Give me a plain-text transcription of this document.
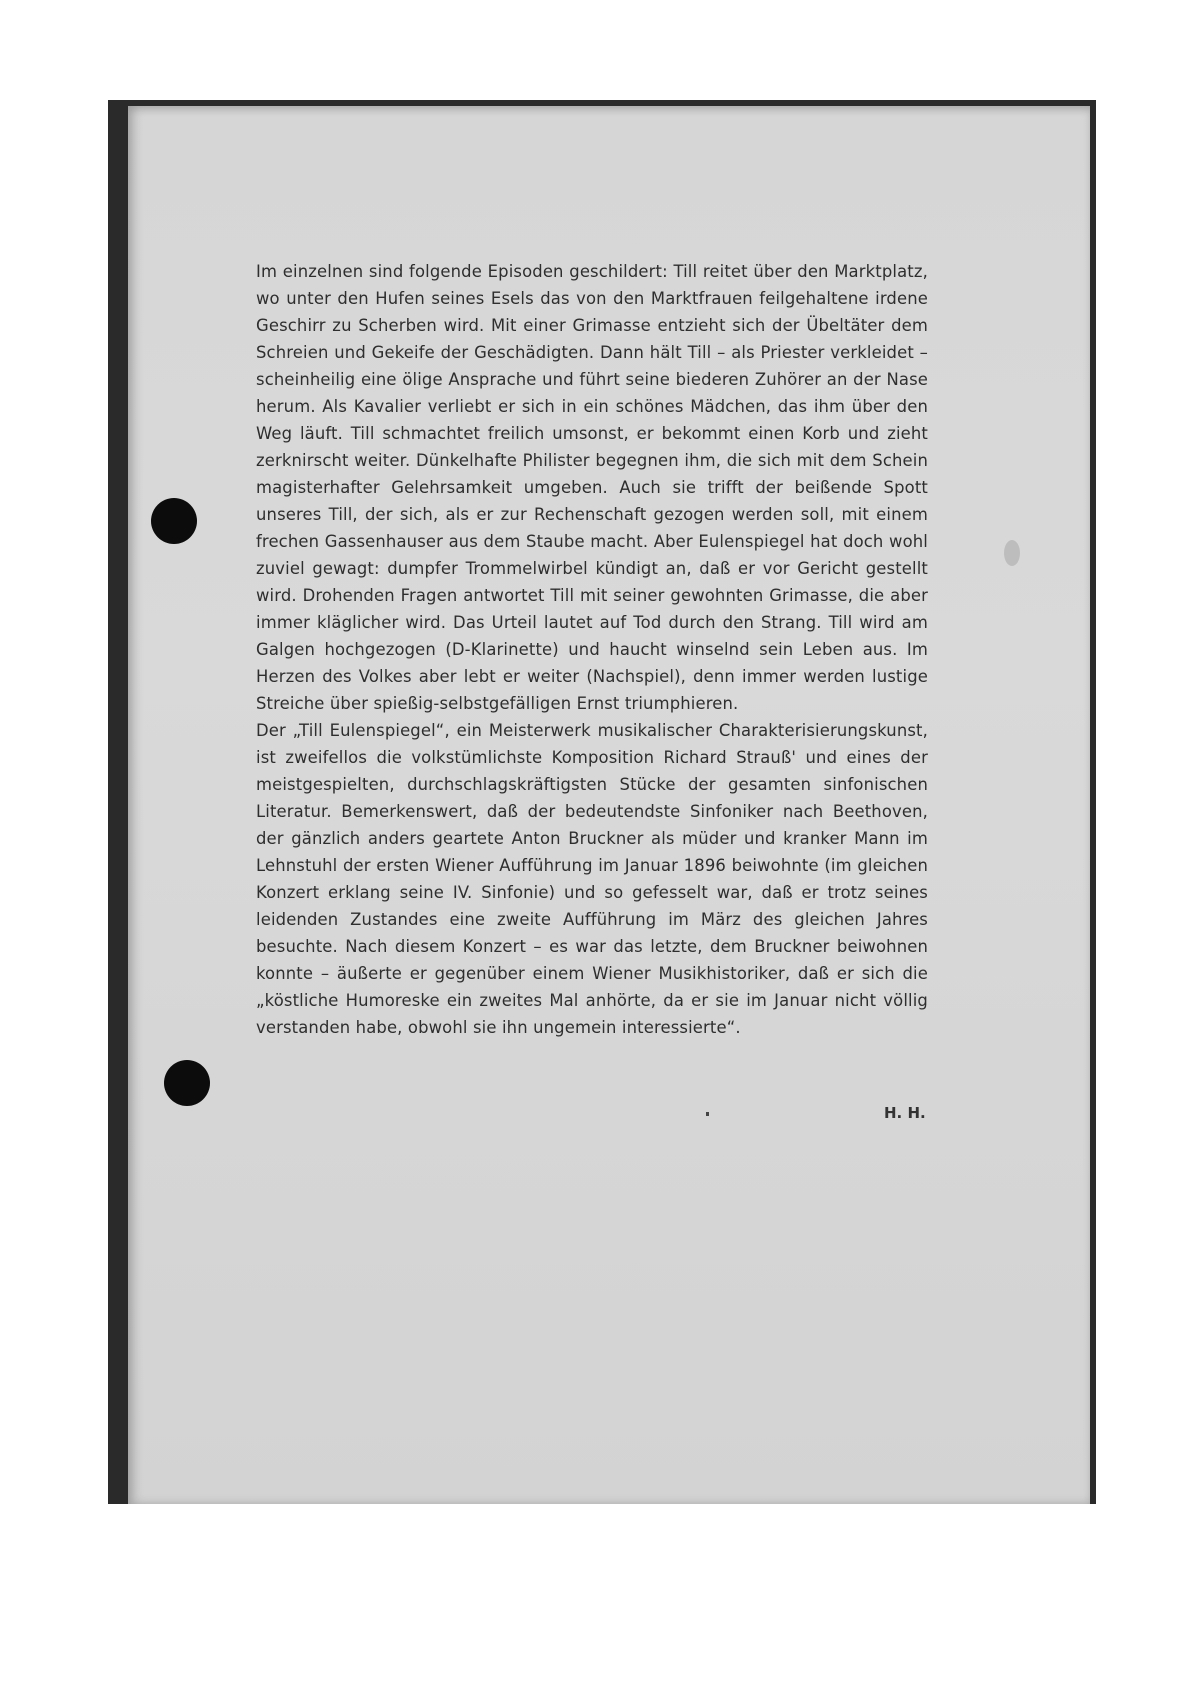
Im einzelnen sind folgende Episoden geschildert: Till reitet über den Marktplatz, wo unter den Hufen seines Esels das von den Marktfrauen feilgehaltene irdene Geschirr zu Scherben wird. Mit einer Grimasse entzieht sich der Übeltäter dem Schreien und Gekeife der Geschädigten. Dann hält Till – als Priester verkleidet – scheinheilig eine ölige Ansprache und führt seine biederen Zuhörer an der Nase herum. Als Kavalier verliebt er sich in ein schönes Mädchen, das ihm über den Weg läuft. Till schmachtet freilich umsonst, er bekommt einen Korb und zieht zerknirscht weiter. Dünkelhafte Philister begegnen ihm, die sich mit dem Schein magisterhafter Gelehrsamkeit umgeben. Auch sie trifft der beißende Spott unseres Till, der sich, als er zur Rechenschaft gezogen werden soll, mit einem frechen Gassenhauser aus dem Staube macht. Aber Eulenspiegel hat doch wohl zuviel gewagt: dumpfer Trommelwirbel kündigt an, daß er vor Gericht gestellt wird. Drohenden Fragen antwortet Till mit seiner gewohnten Grimasse, die aber immer kläglicher wird. Das Urteil lautet auf Tod durch den Strang. Till wird am Galgen hochgezogen (D-Klarinette) und haucht winselnd sein Leben aus. Im Herzen des Volkes aber lebt er weiter (Nachspiel), denn immer werden lustige Streiche über spießig-selbstgefälligen Ernst triumphieren.

Der „Till Eulenspiegel“, ein Meisterwerk musikalischer Charakterisierungskunst, ist zweifellos die volkstümlichste Komposition Richard Strauß' und eines der meistgespielten, durchschlagskräftigsten Stücke der gesamten sinfonischen Literatur. Bemerkenswert, daß der bedeutendste Sinfoniker nach Beethoven, der gänzlich anders geartete Anton Bruckner als müder und kranker Mann im Lehnstuhl der ersten Wiener Aufführung im Januar 1896 beiwohnte (im gleichen Konzert erklang seine IV. Sinfonie) und so gefesselt war, daß er trotz seines leidenden Zustandes eine zweite Aufführung im März des gleichen Jahres besuchte. Nach diesem Konzert – es war das letzte, dem Bruckner beiwohnen konnte – äußerte er gegenüber einem Wiener Musikhistoriker, daß er sich die „köstliche Humoreske ein zweites Mal anhörte, da er sie im Januar nicht völlig verstanden habe, obwohl sie ihn ungemein interessierte“.

H. H.
